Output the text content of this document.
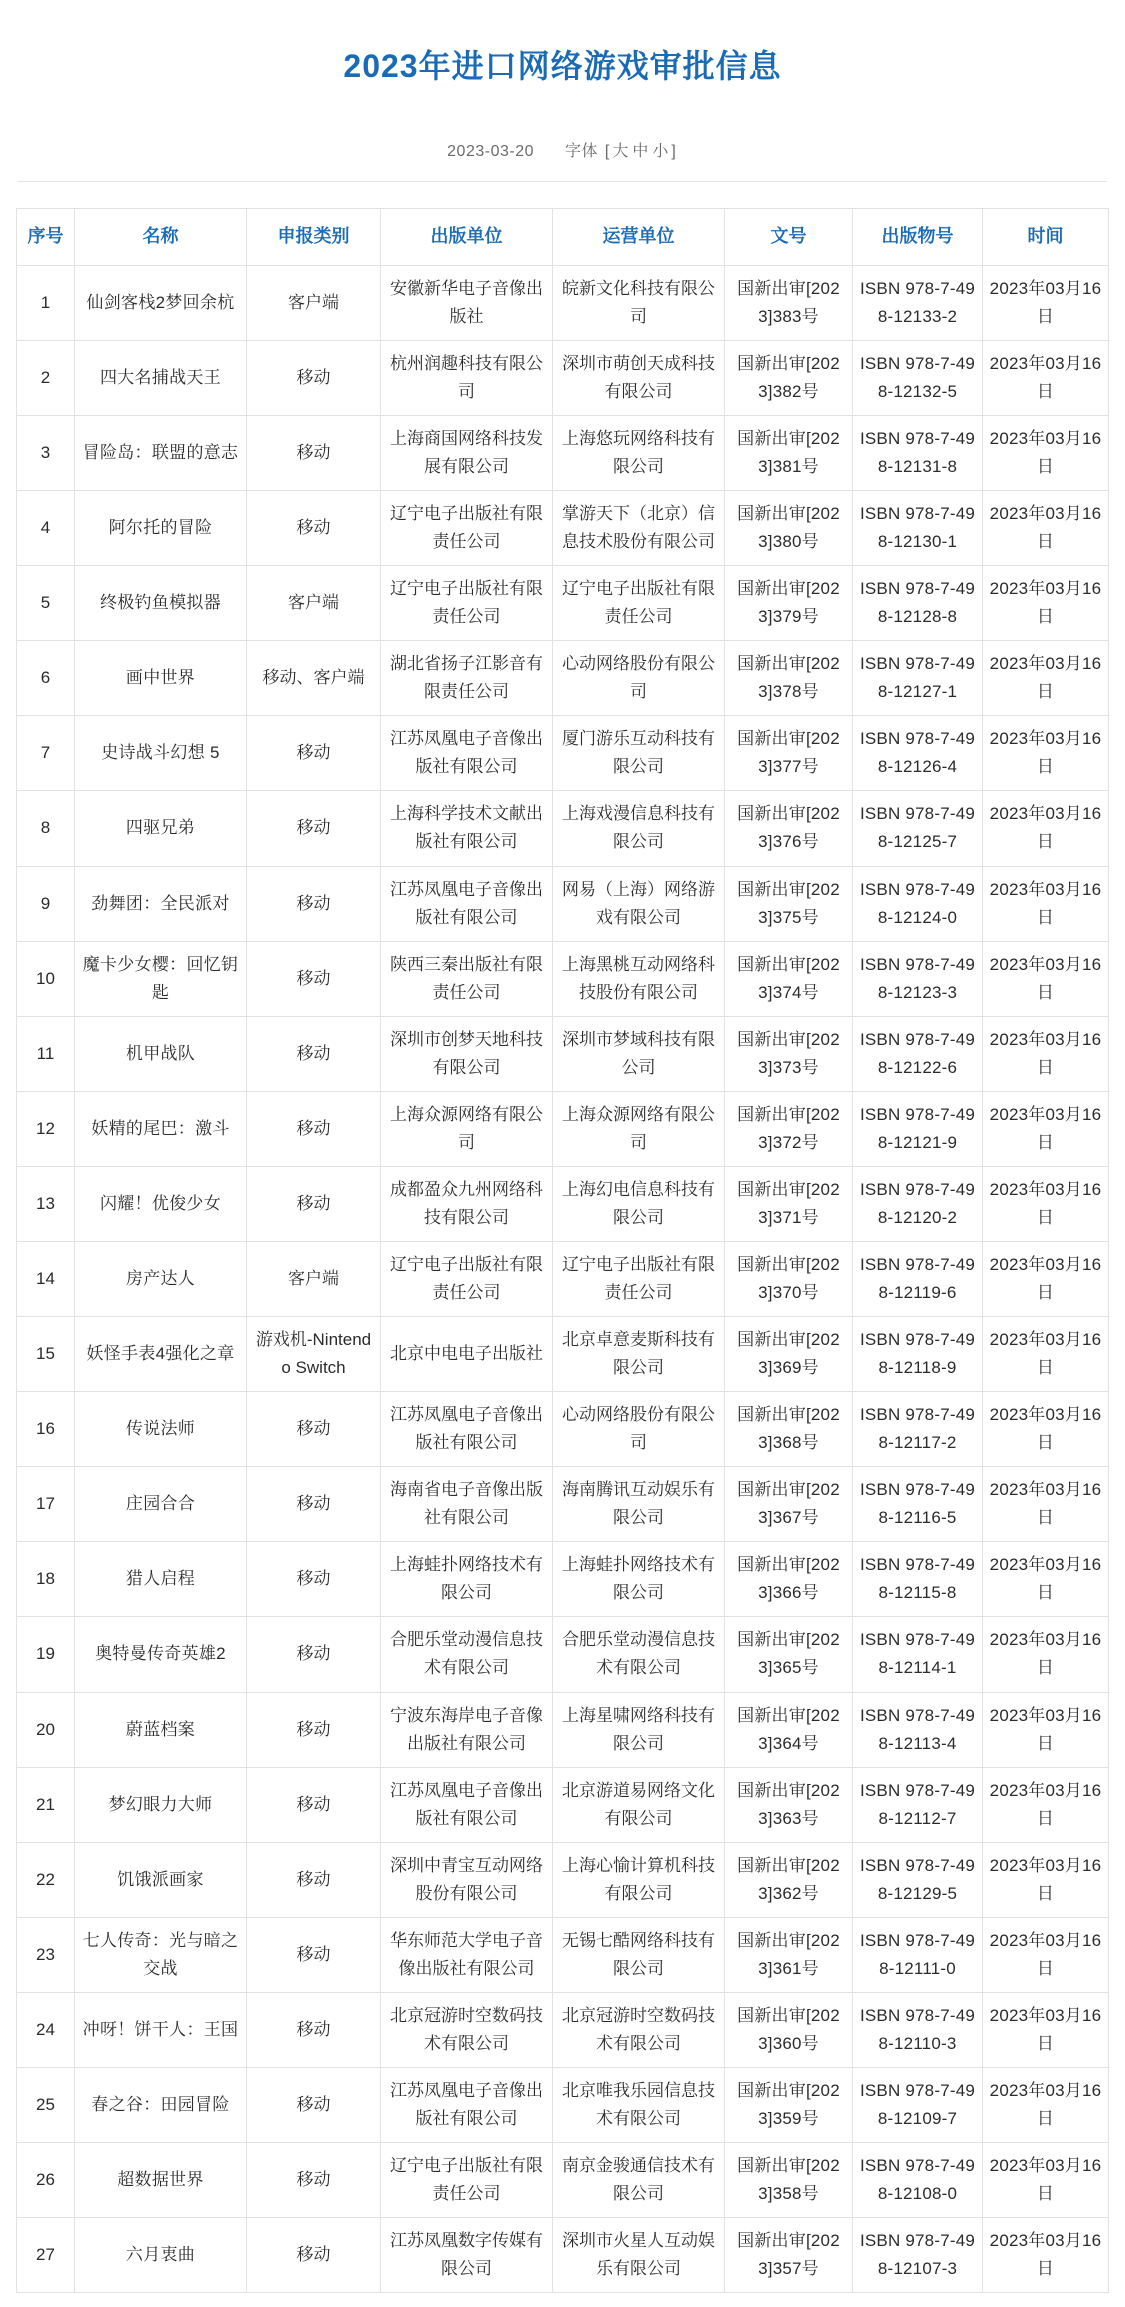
2023年进口网络游戏审批信息
2023-03-20 字体 [大 中 小]
序号	名称	申报类别	出版单位	运营单位	文号	出版物号	时间
1	仙剑客栈2梦回余杭	客户端	安徽新华电子音像出版社	皖新文化科技有限公司	国新出审[2023]383号	ISBN 978-7-498-12133-2	2023年03月16日
2	四大名捕战天王	移动	杭州润趣科技有限公司	深圳市萌创天成科技有限公司	国新出审[2023]382号	ISBN 978-7-498-12132-5	2023年03月16日
3	冒险岛：联盟的意志	移动	上海商国网络科技发展有限公司	上海悠玩网络科技有限公司	国新出审[2023]381号	ISBN 978-7-498-12131-8	2023年03月16日
4	阿尔托的冒险	移动	辽宁电子出版社有限责任公司	掌游天下（北京）信息技术股份有限公司	国新出审[2023]380号	ISBN 978-7-498-12130-1	2023年03月16日
5	终极钓鱼模拟器	客户端	辽宁电子出版社有限责任公司	辽宁电子出版社有限责任公司	国新出审[2023]379号	ISBN 978-7-498-12128-8	2023年03月16日
6	画中世界	移动、客户端	湖北省扬子江影音有限责任公司	心动网络股份有限公司	国新出审[2023]378号	ISBN 978-7-498-12127-1	2023年03月16日
7	史诗战斗幻想 5	移动	江苏凤凰电子音像出版社有限公司	厦门游乐互动科技有限公司	国新出审[2023]377号	ISBN 978-7-498-12126-4	2023年03月16日
8	四驱兄弟	移动	上海科学技术文献出版社有限公司	上海戏漫信息科技有限公司	国新出审[2023]376号	ISBN 978-7-498-12125-7	2023年03月16日
9	劲舞团：全民派对	移动	江苏凤凰电子音像出版社有限公司	网易（上海）网络游戏有限公司	国新出审[2023]375号	ISBN 978-7-498-12124-0	2023年03月16日
10	魔卡少女樱：回忆钥匙	移动	陕西三秦出版社有限责任公司	上海黑桃互动网络科技股份有限公司	国新出审[2023]374号	ISBN 978-7-498-12123-3	2023年03月16日
11	机甲战队	移动	深圳市创梦天地科技有限公司	深圳市梦域科技有限公司	国新出审[2023]373号	ISBN 978-7-498-12122-6	2023年03月16日
12	妖精的尾巴：激斗	移动	上海众源网络有限公司	上海众源网络有限公司	国新出审[2023]372号	ISBN 978-7-498-12121-9	2023年03月16日
13	闪耀！优俊少女	移动	成都盈众九州网络科技有限公司	上海幻电信息科技有限公司	国新出审[2023]371号	ISBN 978-7-498-12120-2	2023年03月16日
14	房产达人	客户端	辽宁电子出版社有限责任公司	辽宁电子出版社有限责任公司	国新出审[2023]370号	ISBN 978-7-498-12119-6	2023年03月16日
15	妖怪手表4强化之章	游戏机-Nintendo Switch	北京中电电子出版社	北京卓意麦斯科技有限公司	国新出审[2023]369号	ISBN 978-7-498-12118-9	2023年03月16日
16	传说法师	移动	江苏凤凰电子音像出版社有限公司	心动网络股份有限公司	国新出审[2023]368号	ISBN 978-7-498-12117-2	2023年03月16日
17	庄园合合	移动	海南省电子音像出版社有限公司	海南腾讯互动娱乐有限公司	国新出审[2023]367号	ISBN 978-7-498-12116-5	2023年03月16日
18	猎人启程	移动	上海蛙扑网络技术有限公司	上海蛙扑网络技术有限公司	国新出审[2023]366号	ISBN 978-7-498-12115-8	2023年03月16日
19	奥特曼传奇英雄2	移动	合肥乐堂动漫信息技术有限公司	合肥乐堂动漫信息技术有限公司	国新出审[2023]365号	ISBN 978-7-498-12114-1	2023年03月16日
20	蔚蓝档案	移动	宁波东海岸电子音像出版社有限公司	上海星啸网络科技有限公司	国新出审[2023]364号	ISBN 978-7-498-12113-4	2023年03月16日
21	梦幻眼力大师	移动	江苏凤凰电子音像出版社有限公司	北京游道易网络文化有限公司	国新出审[2023]363号	ISBN 978-7-498-12112-7	2023年03月16日
22	饥饿派画家	移动	深圳中青宝互动网络股份有限公司	上海心愉计算机科技有限公司	国新出审[2023]362号	ISBN 978-7-498-12129-5	2023年03月16日
23	七人传奇：光与暗之交战	移动	华东师范大学电子音像出版社有限公司	无锡七酷网络科技有限公司	国新出审[2023]361号	ISBN 978-7-498-12111-0	2023年03月16日
24	冲呀！饼干人：王国	移动	北京冠游时空数码技术有限公司	北京冠游时空数码技术有限公司	国新出审[2023]360号	ISBN 978-7-498-12110-3	2023年03月16日
25	春之谷：田园冒险	移动	江苏凤凰电子音像出版社有限公司	北京唯我乐园信息技术有限公司	国新出审[2023]359号	ISBN 978-7-498-12109-7	2023年03月16日
26	超数据世界	移动	辽宁电子出版社有限责任公司	南京金骏通信技术有限公司	国新出审[2023]358号	ISBN 978-7-498-12108-0	2023年03月16日
27	六月衷曲	移动	江苏凤凰数字传媒有限公司	深圳市火星人互动娱乐有限公司	国新出审[2023]357号	ISBN 978-7-498-12107-3	2023年03月16日
